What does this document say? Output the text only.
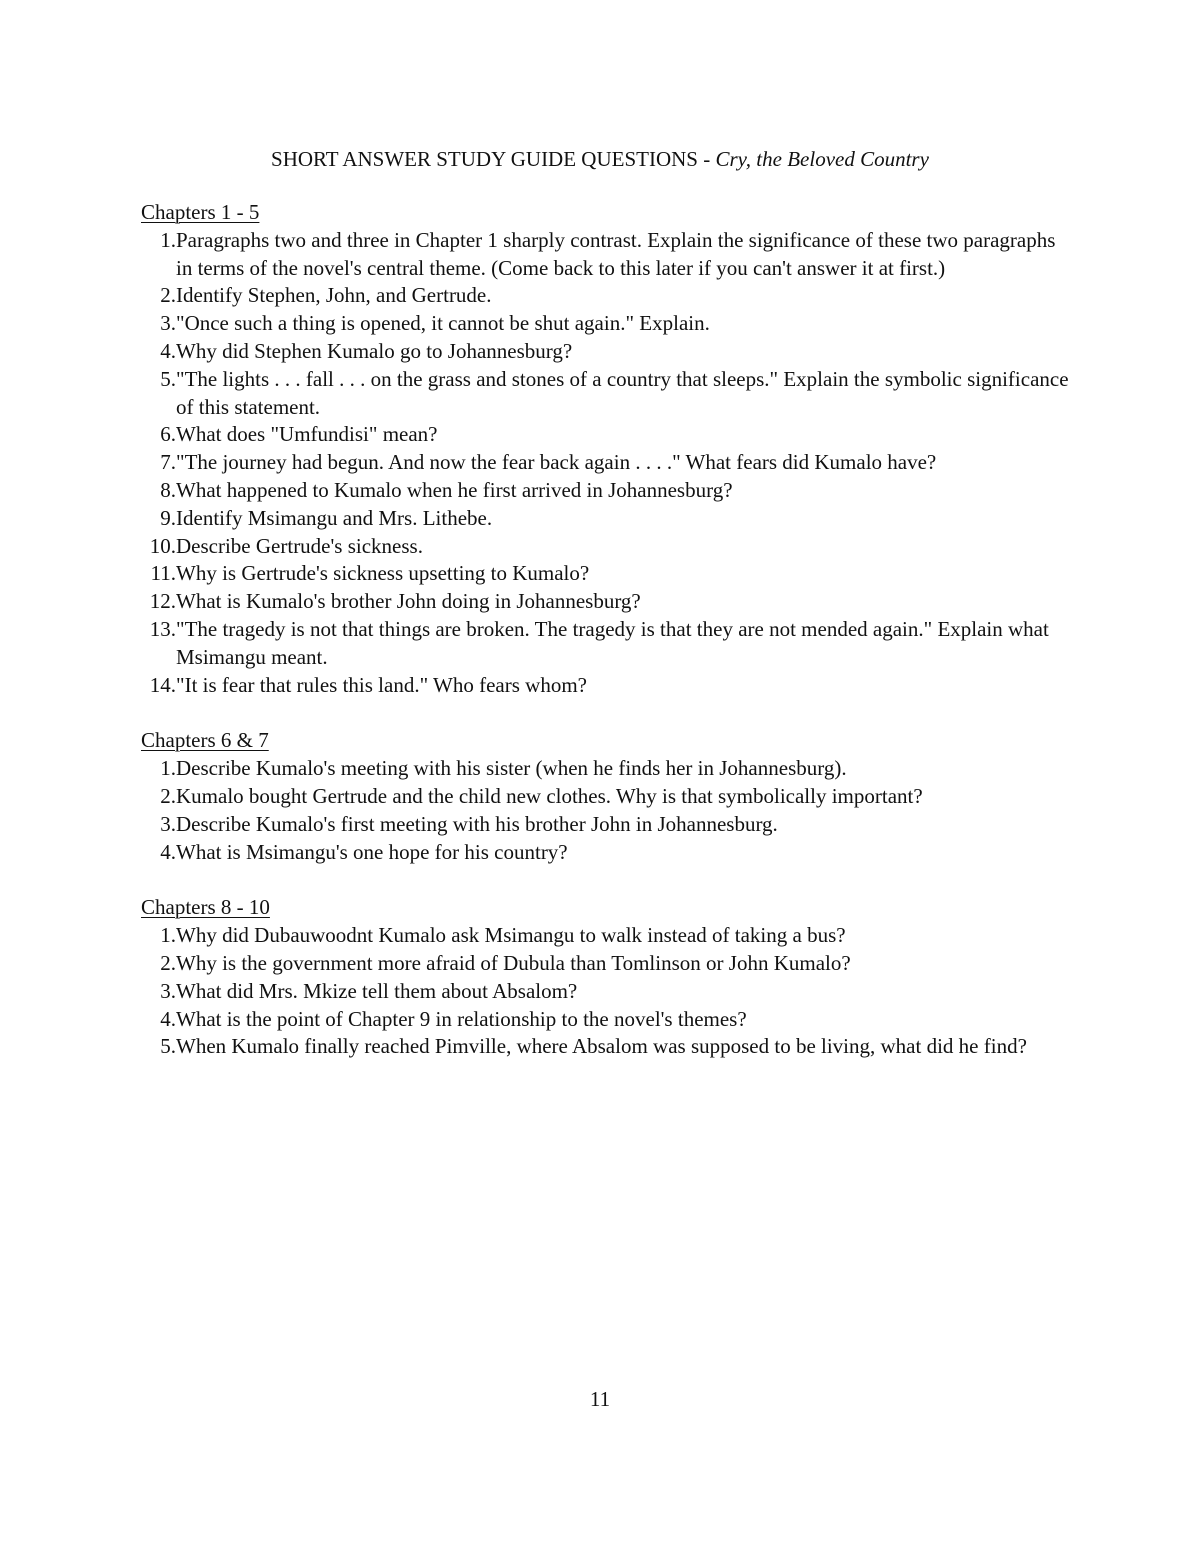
SHORT ANSWER STUDY GUIDE QUESTIONS - Cry, the Beloved Country
Chapters 1 - 5
1. Paragraphs two and three in Chapter 1 sharply contrast. Explain the significance of these two paragraphs in terms of the novel's central theme. (Come back to this later if you can't answer it at first.)
2. Identify Stephen, John, and Gertrude.
3. "Once such a thing is opened, it cannot be shut again." Explain.
4. Why did Stephen Kumalo go to Johannesburg?
5. "The lights . . . fall . . . on the grass and stones of a country that sleeps." Explain the symbolic significance of this statement.
6. What does "Umfundisi" mean?
7. "The journey had begun. And now the fear back again . . . ." What fears did Kumalo have?
8. What happened to Kumalo when he first arrived in Johannesburg?
9. Identify Msimangu and Mrs. Lithebe.
10. Describe Gertrude's sickness.
11. Why is Gertrude's sickness upsetting to Kumalo?
12. What is Kumalo's brother John doing in Johannesburg?
13. "The tragedy is not that things are broken. The tragedy is that they are not mended again." Explain what Msimangu meant.
14. "It is fear that rules this land." Who fears whom?
Chapters 6 & 7
1. Describe Kumalo's meeting with his sister (when he finds her in Johannesburg).
2. Kumalo bought Gertrude and the child new clothes. Why is that symbolically important?
3. Describe Kumalo's first meeting with his brother John in Johannesburg.
4. What is Msimangu's one hope for his country?
Chapters 8 - 10
1. Why did Dubauwoodnt Kumalo ask Msimangu to walk instead of taking a bus?
2. Why is the government more afraid of Dubula than Tomlinson or John Kumalo?
3. What did Mrs. Mkize tell them about Absalom?
4. What is the point of Chapter 9 in relationship to the novel's themes?
5. When Kumalo finally reached Pimville, where Absalom was supposed to be living, what did he find?
11
